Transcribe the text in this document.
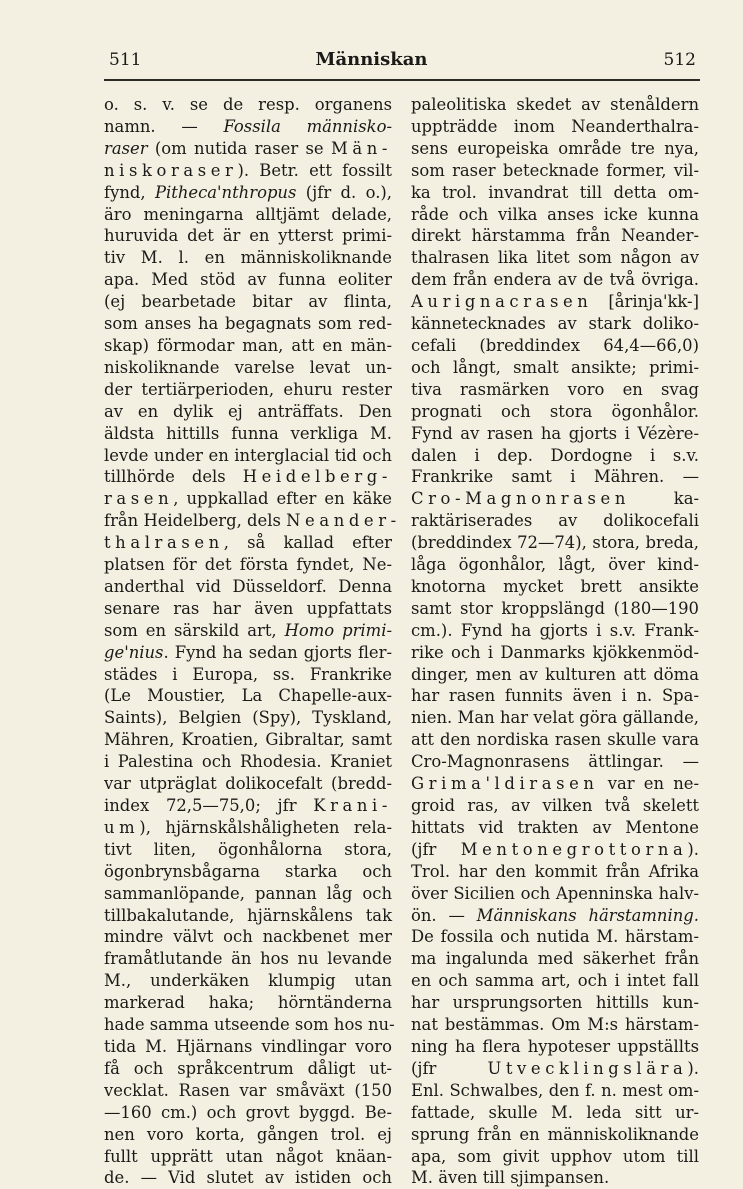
511	Människan	512
o. s. v. se de resp. organens
namn. — Fossila människo-
raser (om nutida raser se Män-
niskoraser). Betr. ett fossilt
fynd, Pitheca'nthropus (jfr d. o.),
äro meningarna alltjämt delade,
huruvida det är en ytterst primi-
tiv M. l. en människoliknande
apa. Med stöd av funna eoliter
(ej bearbetade bitar av flinta,
som anses ha begagnats som red-
skap) förmodar man, att en män-
niskoliknande varelse levat un-
der tertiärperioden, ehuru rester
av en dylik ej anträffats. Den
äldsta hittills funna verkliga M.
levde under en interglacial tid och
tillhörde dels Heidelberg-
rasen, uppkallad efter en käke
från Heidelberg, dels Neander-
thalrasen, så kallad efter
platsen för det första fyndet, Ne-
anderthal vid Düsseldorf. Denna
senare ras har även uppfattats
som en särskild art, Homo primi-
ge'nius. Fynd ha sedan gjorts fler-
städes i Europa, ss. Frankrike
(Le Moustier, La Chapelle-aux-
Saints), Belgien (Spy), Tyskland,
Mähren, Kroatien, Gibraltar, samt
i Palestina och Rhodesia. Kraniet
var utpräglat dolikocefalt (bredd-
index 72,5—75,0; jfr Krani-
um), hjärnskålshåligheten rela-
tivt liten, ögonhålorna stora,
ögonbrynsbågarna starka och
sammanlöpande, pannan låg och
tillbakalutande, hjärnskålens tak
mindre välvt och nackbenet mer
framåtlutande än hos nu levande
M., underkäken klumpig utan
markerad haka; hörntänderna
hade samma utseende som hos nu-
tida M. Hjärnans vindlingar voro
få och språkcentrum dåligt ut-
vecklat. Rasen var småväxt (150
—160 cm.) och grovt byggd. Be-
nen voro korta, gången trol. ej
fullt upprätt utan något knäan-
de. — Vid slutet av istiden och
paleolitiska skedet av stenåldern
uppträdde inom Neanderthalra-
sens europeiska område tre nya,
som raser betecknade former, vil-
ka trol. invandrat till detta om-
råde och vilka anses icke kunna
direkt härstamma från Neander-
thalrasen lika litet som någon av
dem från endera av de två övriga.
Aurignacrasen [årinja'kk-]
kännetecknades av stark doliko-
cefali (breddindex 64,4—66,0)
och långt, smalt ansikte; primi-
tiva rasmärken voro en svag
prognati och stora ögonhålor.
Fynd av rasen ha gjorts i Vézère-
dalen i dep. Dordogne i s.v.
Frankrike samt i Mähren. —
Cro-Magnonrasen ka-
raktäriserades av dolikocefali
(breddindex 72—74), stora, breda,
låga ögonhålor, lågt, över kind-
knotorna mycket brett ansikte
samt stor kroppslängd (180—190
cm.). Fynd ha gjorts i s.v. Frank-
rike och i Danmarks kjökkenmöd-
dinger, men av kulturen att döma
har rasen funnits även i n. Spa-
nien. Man har velat göra gällande,
att den nordiska rasen skulle vara
Cro-Magnonrasens ättlingar. —
Grima'ldirasen var en ne-
groid ras, av vilken två skelett
hittats vid trakten av Mentone
(jfr Mentonegrottorna).
Trol. har den kommit från Afrika
över Sicilien och Apenninska halv-
ön. — Människans härstamning.
De fossila och nutida M. härstam-
ma ingalunda med säkerhet från
en och samma art, och i intet fall
har ursprungsorten hittills kun-
nat bestämmas. Om M:s härstam-
ning ha flera hypoteser uppställts
(jfr Utvecklingslära).
Enl. Schwalbes, den f. n. mest om-
fattade, skulle M. leda sitt ur-
sprung från en människoliknande
apa, som givit upphov utom till
M. även till sjimpansen.
